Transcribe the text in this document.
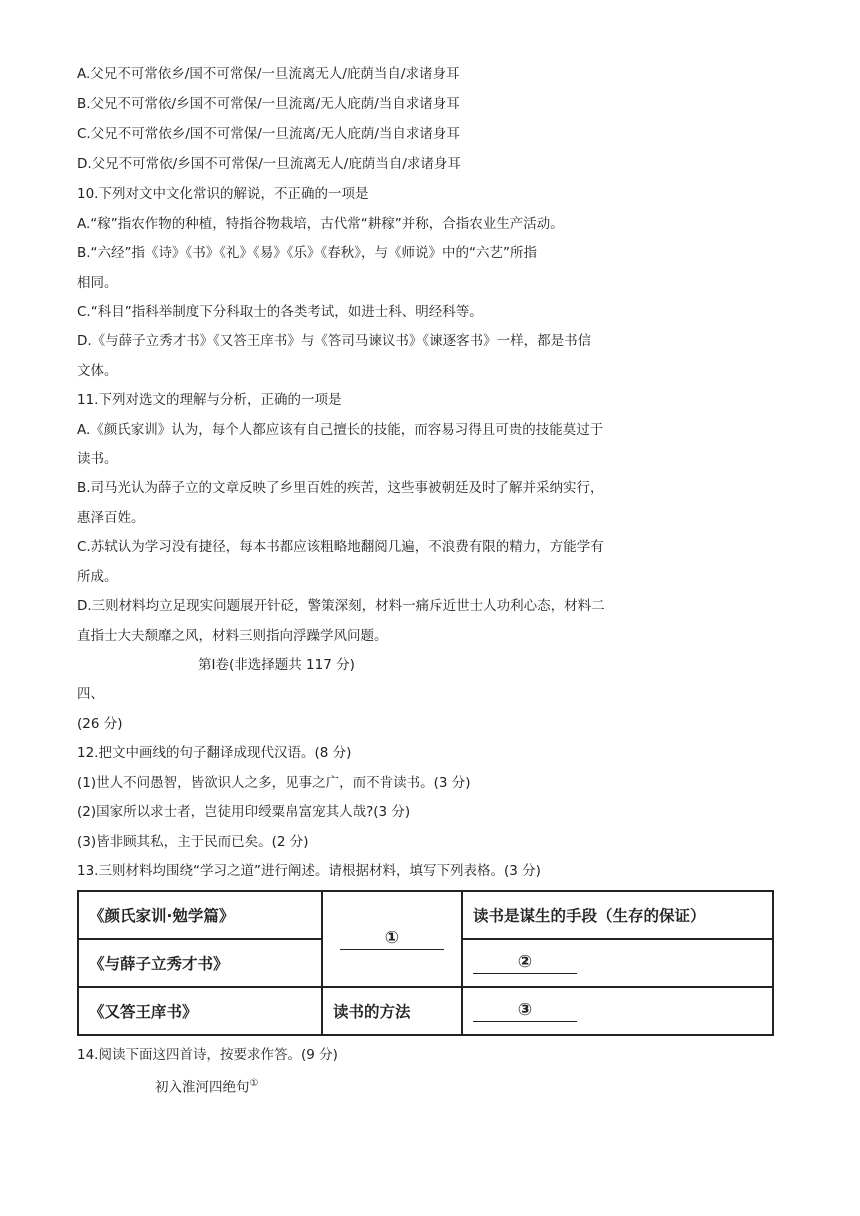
A.父兄不可常依乡/国不可常保/一旦流离无人/庇荫当自/求诸身耳
B.父兄不可常依/乡国不可常保/一旦流离/无人庇荫/当自求诸身耳
C.父兄不可常依乡/国不可常保/一旦流离/无人庇荫/当自求诸身耳
D.父兄不可常依/乡国不可常保/一旦流离无人/庇荫当自/求诸身耳
10.下列对文中文化常识的解说，不正确的一项是
A.“稼”指农作物的种植，特指谷物栽培，古代常“耕稼”并称，合指农业生产活动。
B.“六经”指《诗》《书》《礼》《易》《乐》《春秋》，与《师说》中的“六艺”所指
相同。
C.“科目”指科举制度下分科取士的各类考试，如进士科、明经科等。
D.《与薛子立秀才书》《又答王庠书》与《答司马谏议书》《谏逐客书》一样，都是书信
文体。
11.下列对选文的理解与分析，正确的一项是
A.《颜氏家训》认为，每个人都应该有自己擅长的技能，而容易习得且可贵的技能莫过于
读书。
B.司马光认为薛子立的文章反映了乡里百姓的疾苦，这些事被朝廷及时了解并采纳实行，
惠泽百姓。
C.苏轼认为学习没有捷径，每本书都应该粗略地翻阅几遍，不浪费有限的精力，方能学有
所成。
D.三则材料均立足现实问题展开针砭，警策深刻，材料一痛斥近世士人功利心态，材料二
直指士大夫颓靡之风，材料三则指向浮躁学风问题。
第Ⅰ卷(非选择题共 117 分)
四、
(26 分)
12.把文中画线的句子翻译成现代汉语。(8 分)
(1)世人不问愚智，皆欲识人之多，见事之广，而不肯读书。(3 分)
(2)国家所以求士者，岂徒用印绶粟帛富宠其人哉?(3 分)
(3)皆非顾其私，主于民而已矣。(2 分)
13.三则材料均围绕“学习之道”进行阐述。请根据材料，填写下列表格。(3 分)
《颜氏家训·勉学篇》	①	读书是谋生的手段（生存的保证）
《与薛子立秀才书》		②
《又答王庠书》	读书的方法	③
14.阅读下面这四首诗，按要求作答。(9 分)
初入淮河四绝句①
